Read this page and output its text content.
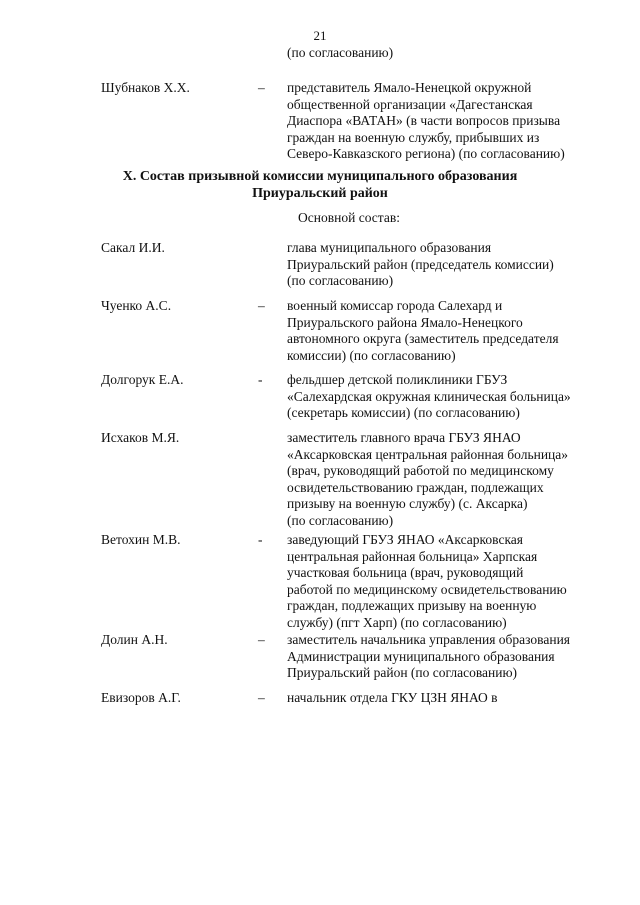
21
(по согласованию)
Шубнаков Х.Х.	– представитель Ямало-Ненецкой окружной
общественной организации «Дагестанская
Диаспора «ВАТАН» (в части вопросов призыва
граждан на военную службу, прибывших из
Северо-Кавказского региона) (по согласованию)
X. Состав призывной комиссии муниципального образования
Приуральский район
Основной состав:
Сакал И.И.	глава муниципального образования
Приуральский район (председатель комиссии)
(по согласованию)
Чуенко А.С.	– военный комиссар города Салехард и
Приуральского района Ямало-Ненецкого
автономного округа (заместитель председателя
комиссии) (по согласованию)
Долгорук Е.А.	- фельдшер детской поликлиники ГБУЗ
«Салехардская окружная клиническая больница»
(секретарь комиссии) (по согласованию)
Исхаков М.Я.	заместитель главного врача ГБУЗ ЯНАО
«Аксарковская центральная районная больница»
(врач, руководящий работой по медицинскому
освидетельствованию граждан, подлежащих
призыву на военную службу) (с. Аксарка)
(по согласованию)
Ветохин М.В.	- заведующий ГБУЗ ЯНАО «Аксарковская
центральная районная больница» Харпская
участковая больница (врач, руководящий
работой по медицинскому освидетельствованию
граждан, подлежащих призыву на военную
службу) (пгт Харп) (по согласованию)
Долин А.Н.	– заместитель начальника управления образования
Администрации муниципального образования
Приуральский район (по согласованию)
Евизоров А.Г.	– начальник отдела ГКУ ЦЗН ЯНАО в
